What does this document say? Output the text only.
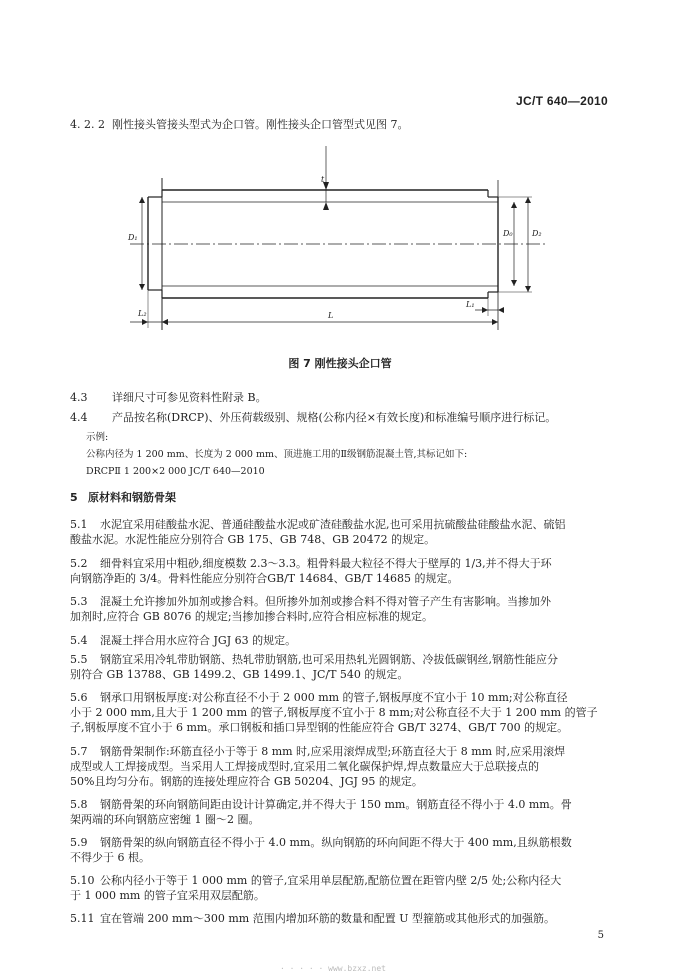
JC/T 640—2010

4. 2. 2 刚性接头管接头型式为企口管。刚性接头企口管型式见图 7。

t
D₁	D₀ D₂
L₁
L
L₂
图 7 刚性接头企口管

4.3 详细尺寸可参见资料性附录 B。

4.4 产品按名称(DRCP)、外压荷载级别、规格(公称内径×有效长度)和标准编号顺序进行标记。

示例:

公称内径为 1 200 mm、长度为 2 000 mm、顶进施工用的Ⅱ级钢筋混凝土管,其标记如下:

DRCPⅡ 1 200×2 000 JC/T 640—2010

5 原材料和钢筋骨架

5.1 水泥宜采用硅酸盐水泥、普通硅酸盐水泥或矿渣硅酸盐水泥,也可采用抗硫酸盐硅酸盐水泥、硫铝
酸盐水泥。水泥性能应分别符合 GB 175、GB 748、GB 20472 的规定。
5.2 细骨料宜采用中粗砂,细度模数 2.3～3.3。粗骨料最大粒径不得大于壁厚的 1/3,并不得大于环
向钢筋净距的 3/4。骨料性能应分别符合GB/T 14684、GB/T 14685 的规定。
5.3 混凝土允许掺加外加剂或掺合料。但所掺外加剂或掺合料不得对管子产生有害影响。当掺加外
加剂时,应符合 GB 8076 的规定;当掺加掺合料时,应符合相应标准的规定。
5.4 混凝土拌合用水应符合 JGJ 63 的规定。
5.5 钢筋宜采用冷轧带肋钢筋、热轧带肋钢筋,也可采用热轧光圆钢筋、冷拔低碳钢丝,钢筋性能应分
别符合 GB 13788、GB 1499.2、GB 1499.1、JC/T 540 的规定。
5.6 钢承口用钢板厚度:对公称直径不小于 2 000 mm 的管子,钢板厚度不宜小于 10 mm;对公称直径
小于 2 000 mm,且大于 1 200 mm 的管子,钢板厚度不宜小于 8 mm;对公称直径不大于 1 200 mm 的管子
子,钢板厚度不宜小于 6 mm。承口钢板和插口异型钢的性能应符合 GB/T 3274、GB/T 700 的规定。
5.7 钢筋骨架制作:环筋直径小于等于 8 mm 时,应采用滚焊成型;环筋直径大于 8 mm 时,应采用滚焊
成型或人工焊接成型。当采用人工焊接成型时,宜采用二氧化碳保护焊,焊点数量应大于总联接点的
50%且均匀分布。钢筋的连接处理应符合 GB 50204、JGJ 95 的规定。
5.8 钢筋骨架的环向钢筋间距由设计计算确定,并不得大于 150 mm。钢筋直径不得小于 4.0 mm。骨
架两端的环向钢筋应密缠 1 圈～2 圈。
5.9 钢筋骨架的纵向钢筋直径不得小于 4.0 mm。纵向钢筋的环向间距不得大于 400 mm,且纵筋根数
不得少于 6 根。
5.10 公称内径小于等于 1 000 mm 的管子,宜采用单层配筋,配筋位置在距管内壁 2/5 处;公称内径大
于 1 000 mm 的管子宜采用双层配筋。
5.11 宜在管端 200 mm～300 mm 范围内增加环筋的数量和配置 U 型箍筋或其他形式的加强筋。
5
· · · · · www.bzxz.net
